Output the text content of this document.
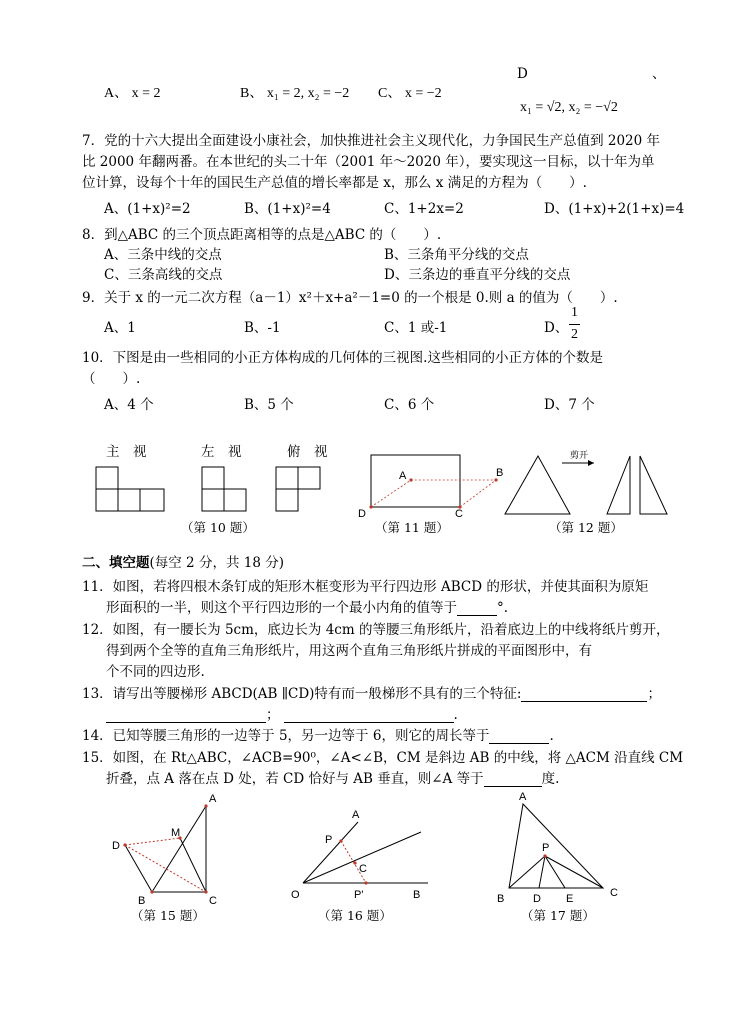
D	、
A、 x = 2	B、 x₁ = 2, x₂ = −2 C、 x = −2
x₁ = √2, x₂ = −√2
7．党的十六大提出全面建设小康社会，加快推进社会主义现代化，力争国民生产总值到 2020 年
比 2000 年翻两番。在本世纪的头二十年（2001 年～2020 年），要实现这一目标，以十年为单
位计算，设每个十年的国民生产总值的增长率都是 x，那么 x 满足的方程为（　　）.
A、(1+x)²=2	B、(1+x)²=4	C、1+2x=2	D、(1+x)+2(1+x)=4
8．到△ABC 的三个顶点距离相等的点是△ABC 的（　　）.
A、三条中线的交点	B、三条角平分线的交点
C、三条高线的交点	D、三条边的垂直平分线的交点
9．关于 x 的一元二次方程（a－1）x²＋x+a²－1=0 的一个根是 0.则 a 的值为（　　）.
A、1	B、-1	C、1 或-1	D、
1
2
10．下图是由一些相同的小正方体构成的几何体的三视图.这些相同的小正方体的个数是
（　　）.
A、4 个	B、5 个	C、6 个	D、7 个
主　视	左　视	俯　视
A	B
D	C
剪开
（第 10 题）	（第 11 题）	（第 12 题）
二、填空题(每空 2 分，共 18 分)
11．如图，若将四根木条钉成的矩形木框变形为平行四边形 ABCD 的形状，并使其面积为原矩
形面积的一半，则这个平行四边形的一个最小内角的值等于	°.
12．如图，有一腰长为 5cm，底边长为 4cm 的等腰三角形纸片，沿着底边上的中线将纸片剪开，
得到两个全等的直角三角形纸片，用这两个直角三角形纸片拼成的平面图形中，有
个不同的四边形.
13．请写出等腰梯形 ABCD(AB ∥CD)特有而一般梯形不具有的三个特征:	；
；	.
14．已知等腰三角形的一边等于 5，另一边等于 6，则它的周长等于	.
15．如图，在 Rt△ABC，∠ACB=90⁰，∠A<∠B，CM 是斜边 AB 的中线，将 △ACM 沿直线 CM
折叠，点 A 落在点 D 处，若 CD 恰好与 AB 垂直，则∠A 等于	度.
A
M
D
B	C
A
P
C
O	P'	B
A
P
B	D E	C
（第 15 题）	（第 16 题）	（第 17 题）
